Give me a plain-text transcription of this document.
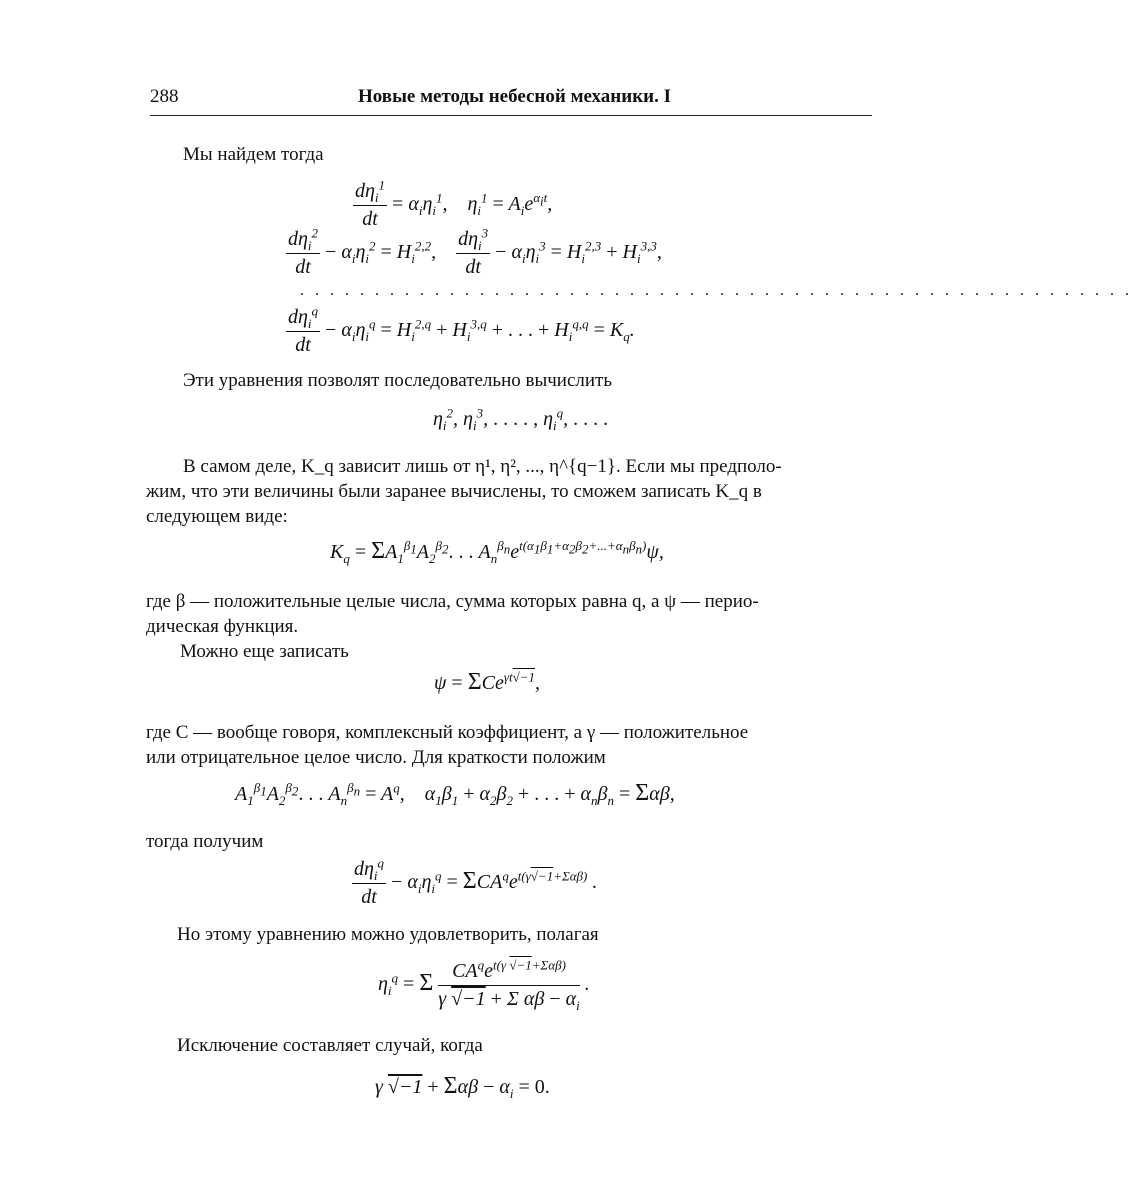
288	Новые методы небесной механики. I
Мы найдем тогда
$\frac{d\eta_i^1}{dt} = \alpha_i\eta_i^1$,    $\eta_i^1 = A_ie^{\alpha_it}$,
$\frac{d\eta_i^2}{dt} - \alpha_i\eta_i^2 = H_i^{2,2}$, $\frac{d\eta_i^3}{dt} - \alpha_i\eta_i^3 = H_i^{2,3} + H_i^{3,3}$,
........................................................
$\frac{d\eta_i^q}{dt} - \alpha_i\eta_i^q = H_i^{2,q} + H_i^{3,q}$ + . . . + $H_i^{q,q} = K_q$.
Эти уравнения позволят последовательно вычислить
$\eta_i^2$, $\eta_i^3$, . . . . , $\eta_i^q$, . . . .
В самом деле, K_q зависит лишь от η¹, η², ..., η^{q−1}. Если мы предполо-
жим, что эти величины были заранее вычислены, то сможем записать K_q в
следующем виде:
$K_q = \Sigma A_1^{\beta_1}A_2^{\beta_2}$. . . $A_n^{\beta_n}e^{t(\alpha_1\beta_1+\alpha_2\beta_2+...+\alpha_n\beta_n)}\psi$,
где β — положительные целые числа, сумма которых равна q, а ψ — перио-
дическая функция.
Можно еще записать
ψ = ΣCe$^{\gamma t√-1}$,
где C — вообще говоря, комплексный коэффициент, а γ — положительное
или отрицательное целое число. Для краткости положим
$A_1^{\beta_1}A_2^{\beta_2}$. . . $A_n^{\beta_n} = A^q$,    $\alpha_1\beta_1 + \alpha_2\beta_2$ + . . . + $\alpha_n\beta_n = \Sigma\alpha\beta$,
тогда получим
$\frac{d\eta_i^q}{dt} - \alpha_i\eta_i^q = \Sigma CA^qe^{t(\gamma√-1+\Sigma\alpha\beta)}$ .
Но этому уравнению можно удовлетворить, полагая
$\eta_i^q = \Sigma \frac{CA^qe^{t(\gamma √-1+\Sigma\alpha\beta)}}{\gamma √-1 + \Sigma \alpha\beta - \alpha_i}$ .
Исключение составляет случай, когда
γ $√-1 + \Sigma\alpha\beta - \alpha_i = 0$.
